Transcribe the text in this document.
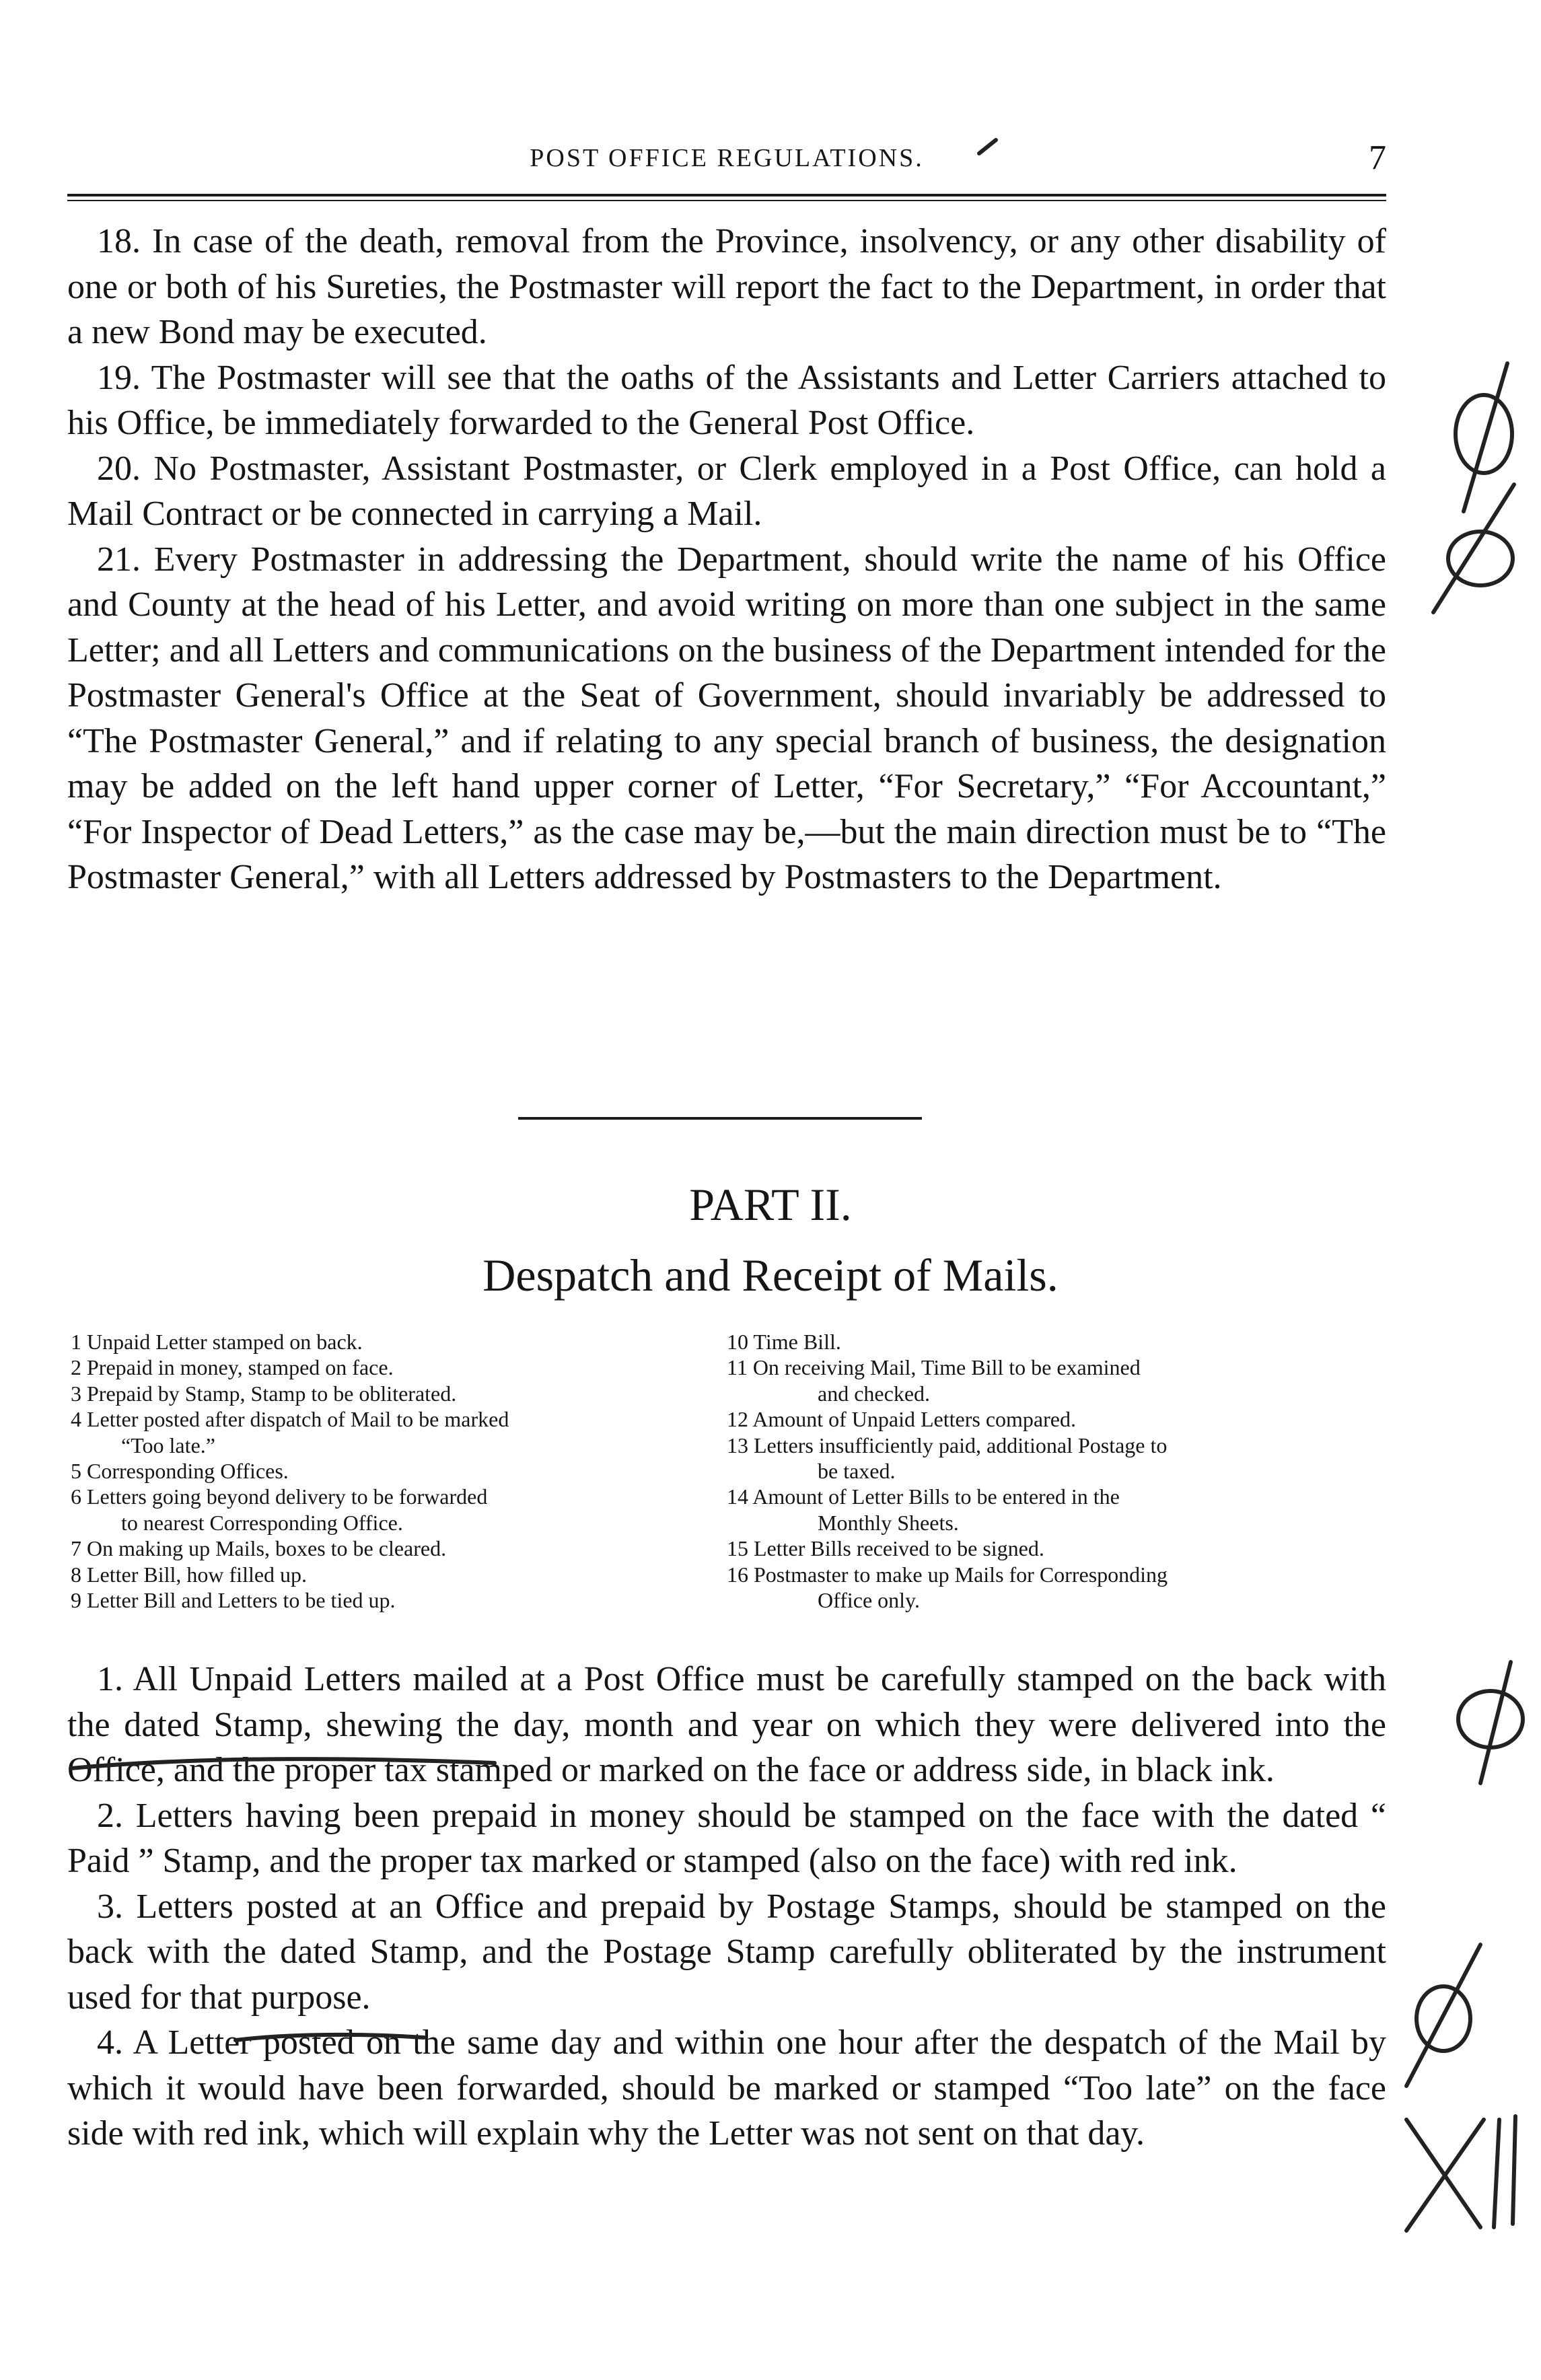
POST OFFICE REGULATIONS.	7

18. In case of the death, removal from the Province, insolvency, or any other disability of one or both of his Sureties, the Postmaster will report the fact to the Department, in order that a new Bond may be executed.

19. The Postmaster will see that the oaths of the Assistants and Letter Carriers attached to his Office, be immediately forwarded to the General Post Office.

20. No Postmaster, Assistant Postmaster, or Clerk employed in a Post Office, can hold a Mail Contract or be connected in carrying a Mail.

21. Every Postmaster in addressing the Department, should write the name of his Office and County at the head of his Letter, and avoid writing on more than one subject in the same Letter; and all Letters and communications on the business of the Department intended for the Postmaster General's Office at the Seat of Government, should invariably be addressed to “The Postmaster General,” and if relating to any special branch of business, the designation may be added on the left hand upper corner of Letter, “For Secretary,” “For Accountant,” “For Inspector of Dead Letters,” as the case may be,—but the main direction must be to “The Postmaster General,” with all Letters addressed by Postmasters to the Department.

PART II.
Despatch and Receipt of Mails.
1 Unpaid Letter stamped on back.
2 Prepaid in money, stamped on face.
3 Prepaid by Stamp, Stamp to be obliterated.
4 Letter posted after dispatch of Mail to be marked
“Too late.”
5 Corresponding Offices.
6 Letters going beyond delivery to be forwarded
to nearest Corresponding Office.
7 On making up Mails, boxes to be cleared.
8 Letter Bill, how filled up.
9 Letter Bill and Letters to be tied up.
10 Time Bill.
11 On receiving Mail, Time Bill to be examined
and checked.
12 Amount of Unpaid Letters compared.
13 Letters insufficiently paid, additional Postage to
be taxed.
14 Amount of Letter Bills to be entered in the
Monthly Sheets.
15 Letter Bills received to be signed.
16 Postmaster to make up Mails for Corresponding
Office only.

1. All Unpaid Letters mailed at a Post Office must be carefully stamped on the back with the dated Stamp, shewing the day, month and year on which they were delivered into the Office, and the proper tax stamped or marked on the face or address side, in black ink.

2. Letters having been prepaid in money should be stamped on the face with the dated “ Paid ” Stamp, and the proper tax marked or stamped (also on the face) with red ink.

3. Letters posted at an Office and prepaid by Postage Stamps, should be stamped on the back with the dated Stamp, and the Postage Stamp carefully obliterated by the instrument used for that purpose.

4. A Letter posted on the same day and within one hour after the despatch of the Mail by which it would have been forwarded, should be marked or stamped “Too late” on the face side with red ink, which will explain why the Letter was not sent on that day.
